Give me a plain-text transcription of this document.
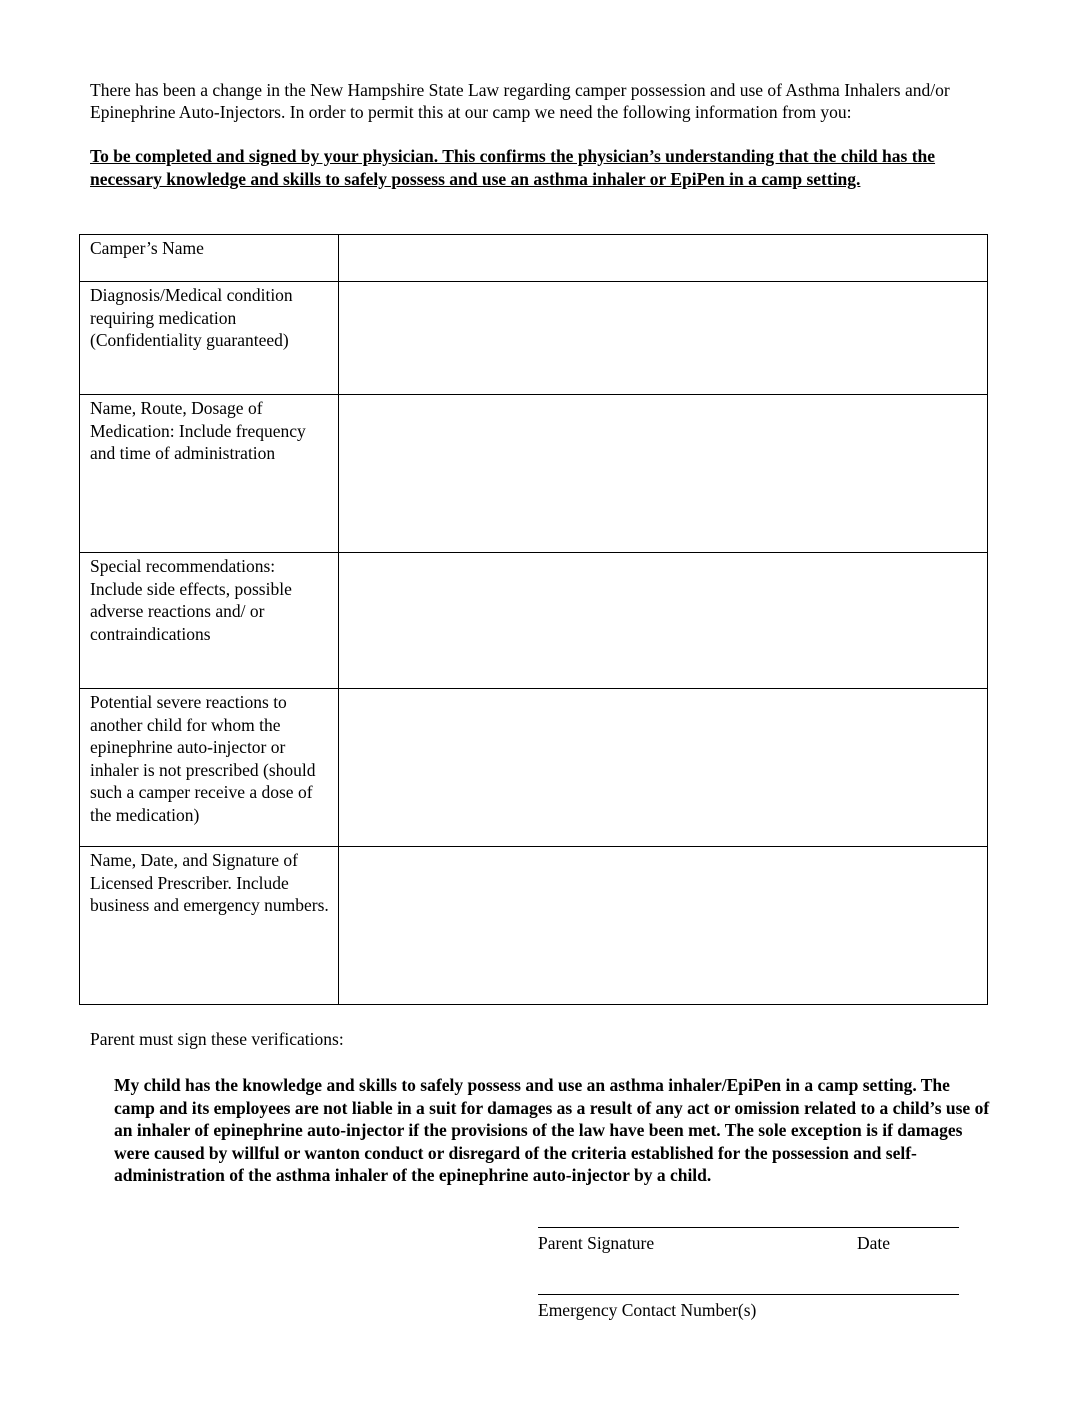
There has been a change in the New Hampshire State Law regarding camper possession and use of Asthma Inhalers and/or Epinephrine Auto-Injectors. In order to permit this at our camp we need the following information from you:
To be completed and signed by your physician. This confirms the physician’s understanding that the child has the necessary knowledge and skills to safely possess and use an asthma inhaler or EpiPen in a camp setting.
Camper’s Name	
Diagnosis/Medical condition requiring medication (Confidentiality guaranteed)	
Name, Route, Dosage of Medication: Include frequency and time of administration	
Special recommendations: Include side effects, possible adverse reactions and/ or contraindications	
Potential severe reactions to another child for whom the epinephrine auto-injector or inhaler is not prescribed (should such a camper receive a dose of the medication)	
Name, Date, and Signature of Licensed Prescriber. Include business and emergency numbers.	
Parent must sign these verifications:
My child has the knowledge and skills to safely possess and use an asthma inhaler/EpiPen in a camp setting. The camp and its employees are not liable in a suit for damages as a result of any act or omission related to a child’s use of an inhaler of epinephrine auto-injector if the provisions of the law have been met. The sole exception is if damages were caused by willful or wanton conduct or disregard of the criteria established for the possession and self-administration of the asthma inhaler of the epinephrine auto-injector by a child.
Parent Signature	Date
Emergency Contact Number(s)
